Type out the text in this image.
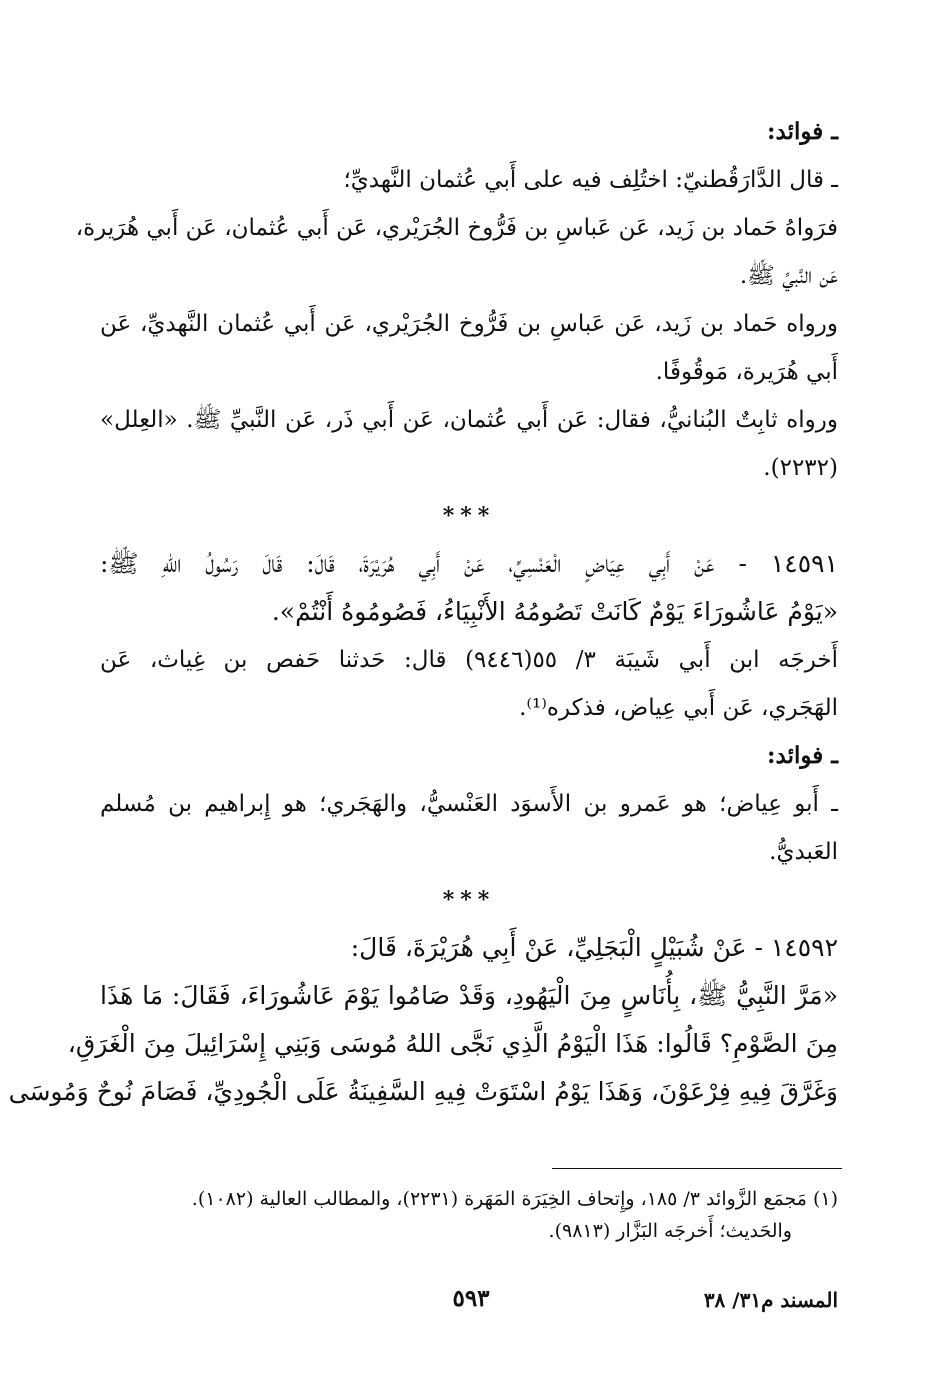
ـ فوائد:
ـ قال الدَّارَقُطنيّ: اختُلِف فيه على أَبي عُثمان النَّهديِّ؛
فرَواهُ حَماد بن زَيد، عَن عَباسِ بن فَرُّوخ الجُرَيْري، عَن أَبي عُثمان، عَن أَبي هُرَيرة،
عَن النَّبيِّ ﷺ.
ورواه حَماد بن زَيد، عَن عَباسِ بن فَرُّوخ الجُرَيْري، عَن أَبي عُثمان النَّهديِّ، عَن
أَبي هُرَيرة، مَوقُوفًا.
ورواه ثابِتٌ البُنانيُّ، فقال: عَن أَبي عُثمان، عَن أَبي ذَر، عَن النَّبيِّ ﷺ. «العِلل»
(٢٢٣٢).
***
١٤٥٩١ - عَنْ أَبِي عِيَاضٍ الْعَنْسِيِّ، عَنْ أَبِي هُرَيْرَةَ، قَالَ: قَالَ رَسُولُ اللهِ ﷺ:
«يَوْمُ عَاشُورَاءَ يَوْمٌ كَانَتْ تَصُومُهُ الأَنْبِيَاءُ، فَصُومُوهُ أَنْتُمْ».
أَخرجَه ابن أَبي شَيبَة ٣/ ٥٥(٩٤٤٦) قال: حَدثنا حَفص بن غِياث، عَن
الهَجَري، عَن أَبي عِياض، فذكره⁽¹⁾.
ـ فوائد:
ـ أَبو عِياض؛ هو عَمرو بن الأَسوَد العَنْسيُّ، والهَجَري؛ هو إِبراهيم بن مُسلم
العَبديُّ.
***
١٤٥٩٢ - عَنْ شُبَيْلٍ الْبَجَلِيِّ، عَنْ أَبِي هُرَيْرَةَ، قَالَ:
«مَرَّ النَّبِيُّ ﷺ، بِأُنَاسٍ مِنَ الْيَهُودِ، وَقَدْ صَامُوا يَوْمَ عَاشُورَاءَ، فَقَالَ: مَا هَذَا
مِنَ الصَّوْمِ؟ قَالُوا: هَذَا الْيَوْمُ الَّذِي نَجَّى اللهُ مُوسَى وَبَنِي إِسْرَائِيلَ مِنَ الْغَرَقِ،
وَغَرَّقَ فِيهِ فِرْعَوْنَ، وَهَذَا يَوْمُ اسْتَوَتْ فِيهِ السَّفِينَةُ عَلَى الْجُودِيِّ، فَصَامَ نُوحٌ وَمُوسَى
(١) مَجمَع الزَّوائد ٣/ ١٨٥، وإِتحاف الخِيَرَة المَهَرة (٢٢٣١)، والمطالب العالية (١٠٨٢).
والحَديث؛ أَخرجَه البَزَّار (٩٨١٣).
٥٩٣	المسند م٣١/ ٣٨
